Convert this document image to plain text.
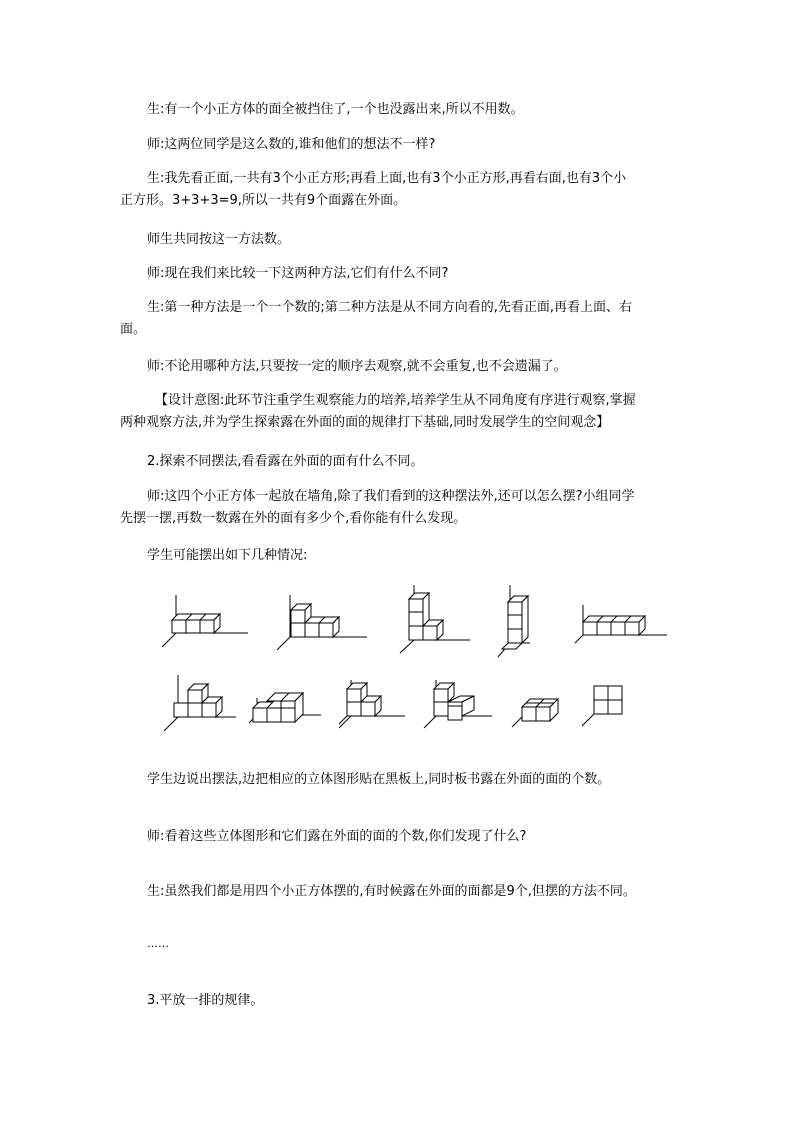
生:有一个小正方体的面全被挡住了,一个也没露出来,所以不用数。

师:这两位同学是这么数的,谁和他们的想法不一样?

生:我先看正面,一共有3个小正方形;再看上面,也有3个小正方形,再看右面,也有3个小

正方形。3+3+3=9,所以一共有9个面露在外面。

师生共同按这一方法数。

师:现在我们来比较一下这两种方法,它们有什么不同?

生:第一种方法是一个一个数的;第二种方法是从不同方向看的,先看正面,再看上面、右

面。

师:不论用哪种方法,只要按一定的顺序去观察,就不会重复,也不会遗漏了。

【设计意图:此环节注重学生观察能力的培养,培养学生从不同角度有序进行观察,掌握

两种观察方法,并为学生探索露在外面的面的规律打下基础,同时发展学生的空间观念】

2.探索不同摆法,看看露在外面的面有什么不同。

师:这四个小正方体一起放在墙角,除了我们看到的这种摆法外,还可以怎么摆?小组同学

先摆一摆,再数一数露在外的面有多少个,看你能有什么发现。

学生可能摆出如下几种情况:

学生边说出摆法,边把相应的立体图形贴在黑板上,同时板书露在外面的面的个数。

师:看着这些立体图形和它们露在外面的面的个数,你们发现了什么?

生:虽然我们都是用四个小正方体摆的,有时候露在外面的面都是9个,但摆的方法不同。

……

3.平放一排的规律。
